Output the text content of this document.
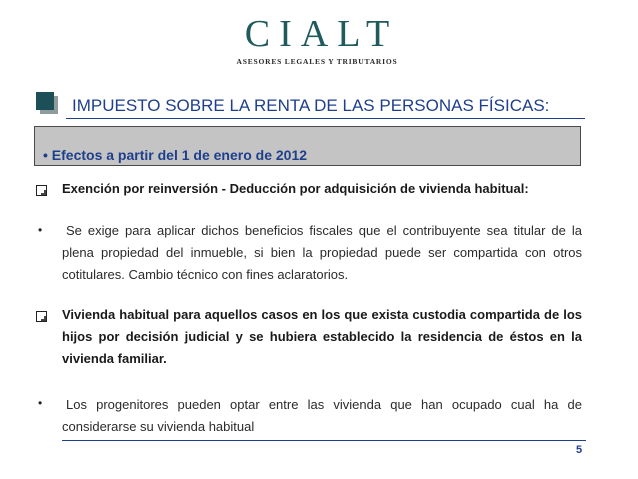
CIALT
ASESORES LEGALES Y TRIBUTARIOS
IMPUESTO SOBRE LA RENTA DE LAS PERSONAS FÍSICAS:
• Efectos a partir del 1 de enero de 2012
Exención por reinversión - Deducción por adquisición de vivienda habitual:
•	Se exige para aplicar dichos beneficios fiscales que el contribuyente sea titular de la plena propiedad del inmueble, si bien la propiedad puede ser compartida con otros cotitulares. Cambio técnico con fines aclaratorios.
Vivienda habitual para aquellos casos en los que exista custodia compartida de los hijos por decisión judicial y se hubiera establecido la residencia de éstos en la vivienda familiar.
•	Los progenitores pueden optar entre las vivienda que han ocupado cual ha de considerarse su vivienda habitual
5
